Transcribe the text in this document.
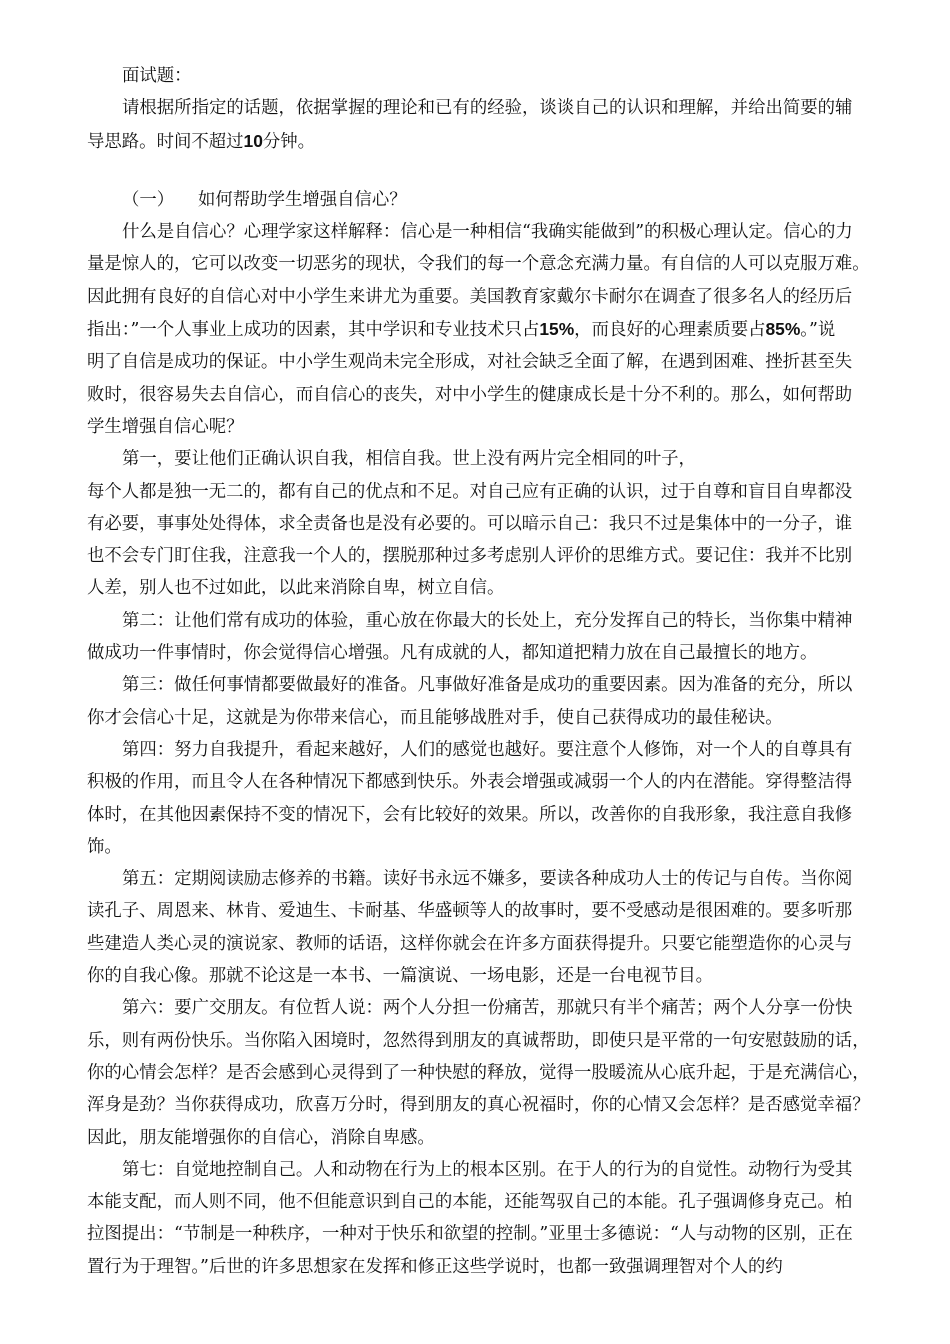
面试题：

请根据所指定的话题，依据掌握的理论和已有的经验，谈谈自己的认识和理解，并给出简要的辅

导思路。时间不超过10分钟。

（一） 如何帮助学生增强自信心？

什么是自信心？心理学家这样解释：信心是一种相信“我确实能做到”的积极心理认定。信心的力

量是惊人的，它可以改变一切恶劣的现状，令我们的每一个意念充满力量。有自信的人可以克服万难。

因此拥有良好的自信心对中小学生来讲尤为重要。美国教育家戴尔卡耐尔在调查了很多名人的经历后

指出：”一个人事业上成功的因素，其中学识和专业技术只占15%，而良好的心理素质要占85%。”说

明了自信是成功的保证。中小学生观尚未完全形成，对社会缺乏全面了解，在遇到困难、挫折甚至失

败时，很容易失去自信心，而自信心的丧失，对中小学生的健康成长是十分不利的。那么，如何帮助

学生增强自信心呢？

第一，要让他们正确认识自我，相信自我。世上没有两片完全相同的叶子，

每个人都是独一无二的，都有自己的优点和不足。对自己应有正确的认识，过于自尊和盲目自卑都没

有必要，事事处处得体，求全责备也是没有必要的。可以暗示自己：我只不过是集体中的一分子，谁

也不会专门盯住我，注意我一个人的，摆脱那种过多考虑别人评价的思维方式。要记住：我并不比别

人差，别人也不过如此，以此来消除自卑，树立自信。

第二：让他们常有成功的体验，重心放在你最大的长处上，充分发挥自己的特长，当你集中精神

做成功一件事情时，你会觉得信心增强。凡有成就的人，都知道把精力放在自己最擅长的地方。

第三：做任何事情都要做最好的准备。凡事做好准备是成功的重要因素。因为准备的充分，所以

你才会信心十足，这就是为你带来信心，而且能够战胜对手，使自己获得成功的最佳秘诀。

第四：努力自我提升，看起来越好，人们的感觉也越好。要注意个人修饰，对一个人的自尊具有

积极的作用，而且令人在各种情况下都感到快乐。外表会增强或减弱一个人的内在潜能。穿得整洁得

体时，在其他因素保持不变的情况下，会有比较好的效果。所以，改善你的自我形象，我注意自我修

饰。

第五：定期阅读励志修养的书籍。读好书永远不嫌多，要读各种成功人士的传记与自传。当你阅

读孔子、周恩来、林肯、爱迪生、卡耐基、华盛顿等人的故事时，要不受感动是很困难的。要多听那

些建造人类心灵的演说家、教师的话语，这样你就会在许多方面获得提升。只要它能塑造你的心灵与

你的自我心像。那就不论这是一本书、一篇演说、一场电影，还是一台电视节目。

第六：要广交朋友。有位哲人说：两个人分担一份痛苦，那就只有半个痛苦；两个人分享一份快

乐，则有两份快乐。当你陷入困境时，忽然得到朋友的真诚帮助，即使只是平常的一句安慰鼓励的话，

你的心情会怎样？是否会感到心灵得到了一种快慰的释放，觉得一股暖流从心底升起，于是充满信心，

浑身是劲？当你获得成功，欣喜万分时，得到朋友的真心祝福时，你的心情又会怎样？是否感觉幸福？

因此，朋友能增强你的自信心，消除自卑感。

第七：自觉地控制自己。人和动物在行为上的根本区别。在于人的行为的自觉性。动物行为受其

本能支配，而人则不同，他不但能意识到自己的本能，还能驾驭自己的本能。孔子强调修身克己。柏

拉图提出：“节制是一种秩序，一种对于快乐和欲望的控制。”亚里士多德说：“人与动物的区别，正在

置行为于理智。”后世的许多思想家在发挥和修正这些学说时，也都一致强调理智对个人的约
